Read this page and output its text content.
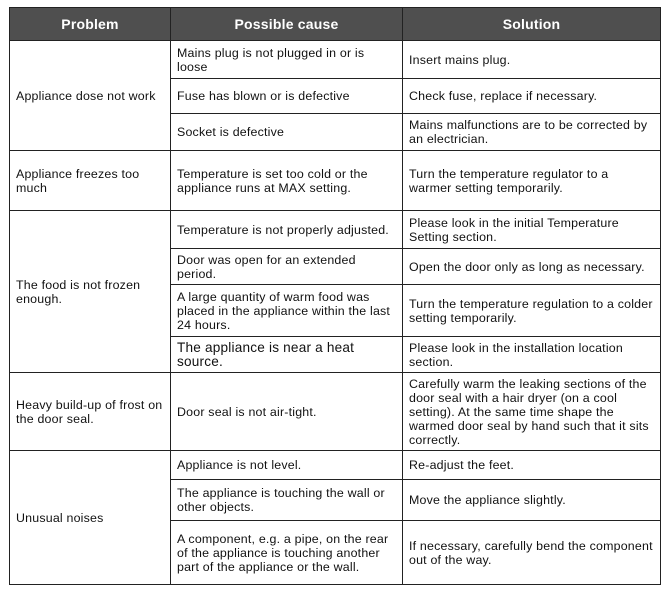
Problem	Possible cause	Solution
Appliance dose not work	Mains plug is not plugged in or is loose	Insert mains plug.
	Fuse has blown or is defective	Check fuse, replace if necessary.
	Socket is defective	Mains malfunctions are to be corrected by an electrician.
Appliance freezes too much	Temperature is set too cold or the appliance runs at MAX setting.	Turn the temperature regulator to a warmer setting temporarily.
The food is not frozen enough.	Temperature is not properly adjusted.	Please look in the initial Temperature Setting section.
	Door was open for an extended period.	Open the door only as long as necessary.
	A large quantity of warm food was placed in the appliance within the last 24 hours.	Turn the temperature regulation to a colder setting temporarily.
	The appliance is near a heat source.	Please look in the installation location section.
Heavy build-up of frost on the door seal.	Door seal is not air-tight.	Carefully warm the leaking sections of the door seal with a hair dryer (on a cool setting). At the same time shape the warmed door seal by hand such that it sits correctly.
Unusual noises	Appliance is not level.	Re-adjust the feet.
	The appliance is touching the wall or other objects.	Move the appliance slightly.
	A component, e.g. a pipe, on the rear of the appliance is touching another part of the appliance or the wall.	If necessary, carefully bend the component out of the way.
